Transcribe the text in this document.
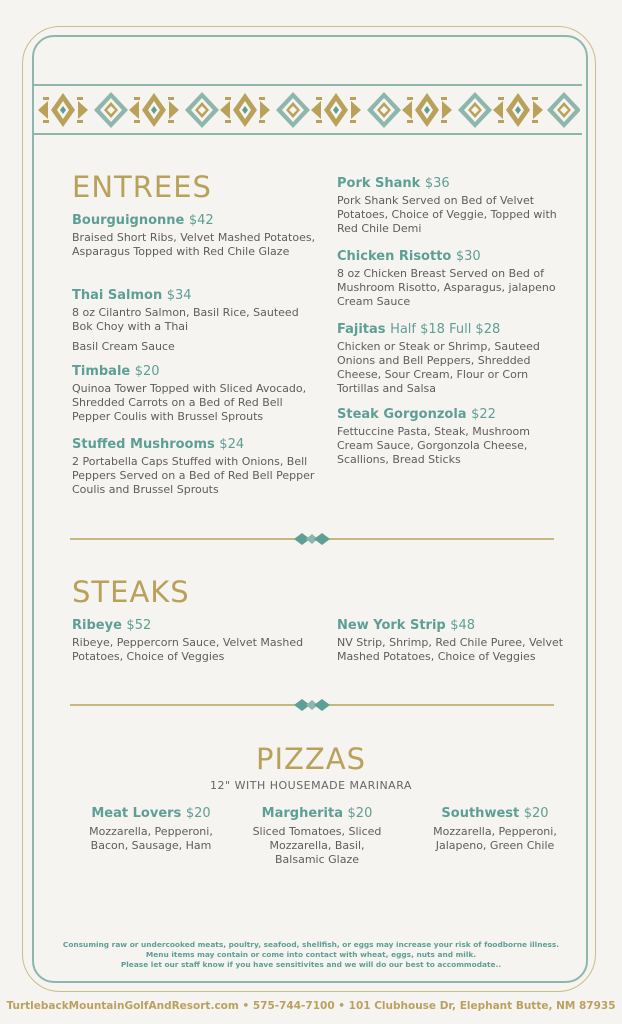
ENTREES
Bourguignonne $42
Braised Short Ribs, Velvet Mashed Potatoes, Asparagus Topped with Red Chile Glaze
Thai Salmon $34
8 oz Cilantro Salmon, Basil Rice, Sauteed Bok Choy with a Thai
Basil Cream Sauce
Timbale $20
Quinoa Tower Topped with Sliced Avocado, Shredded Carrots on a Bed of Red Bell Pepper Coulis with Brussel Sprouts
Stuffed Mushrooms $24
2 Portabella Caps Stuffed with Onions, Bell Peppers Served on a Bed of Red Bell Pepper Coulis and Brussel Sprouts
Pork Shank $36
Pork Shank Served on Bed of Velvet Potatoes, Choice of Veggie, Topped with Red Chile Demi
Chicken Risotto $30
8 oz Chicken Breast Served on Bed of Mushroom Risotto, Asparagus, jalapeno Cream Sauce
Fajitas Half $18 Full $28
Chicken or Steak or Shrimp, Sauteed Onions and Bell Peppers, Shredded Cheese, Sour Cream, Flour or Corn Tortillas and Salsa
Steak Gorgonzola $22
Fettuccine Pasta, Steak, Mushroom Cream Sauce, Gorgonzola Cheese, Scallions, Bread Sticks
STEAKS
Ribeye $52
Ribeye, Peppercorn Sauce, Velvet Mashed Potatoes, Choice of Veggies
New York Strip $48
NV Strip, Shrimp, Red Chile Puree, Velvet Mashed Potatoes, Choice of Veggies
PIZZAS
12" WITH HOUSEMADE MARINARA
Meat Lovers $20
Mozzarella, Pepperoni, Bacon, Sausage, Ham
Margherita $20
Sliced Tomatoes, Sliced Mozzarella, Basil, Balsamic Glaze
Southwest $20
Mozzarella, Pepperoni, Jalapeno, Green Chile
Consuming raw or undercooked meats, poultry, seafood, shellfish, or eggs may increase your risk of foodborne illness.
Menu items may contain or come into contact with wheat, eggs, nuts and milk.
Please let our staff know if you have sensitivites and we will do our best to accommodate..
TurtlebackMountainGolfAndResort.com • 575-744-7100 • 101 Clubhouse Dr, Elephant Butte, NM 87935
